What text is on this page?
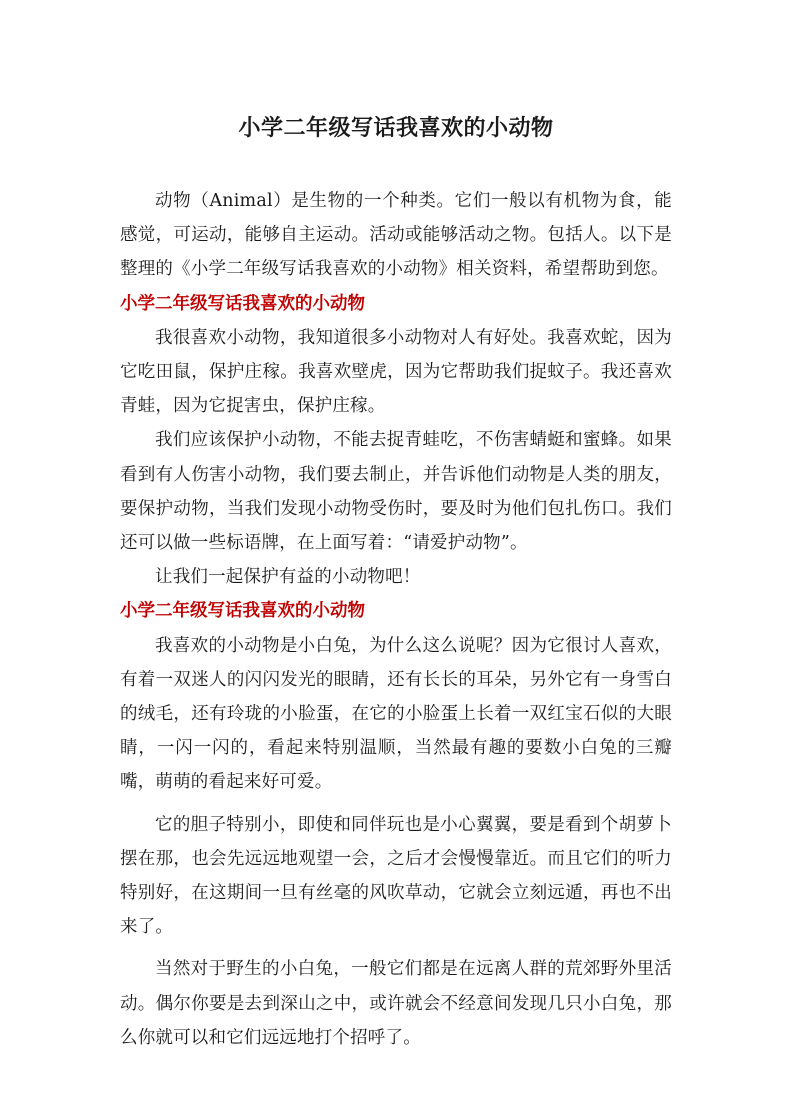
小学二年级写话我喜欢的小动物

动物（Animal）是生物的一个种类。它们一般以有机物为食，能感觉，可运动，能够自主运动。活动或能够活动之物。包括人。以下是整理的《小学二年级写话我喜欢的小动物》相关资料，希望帮助到您。

小学二年级写话我喜欢的小动物

我很喜欢小动物，我知道很多小动物对人有好处。我喜欢蛇，因为它吃田鼠，保护庄稼。我喜欢壁虎，因为它帮助我们捉蚊子。我还喜欢青蛙，因为它捉害虫，保护庄稼。

我们应该保护小动物，不能去捉青蛙吃，不伤害蜻蜓和蜜蜂。如果看到有人伤害小动物，我们要去制止，并告诉他们动物是人类的朋友，要保护动物，当我们发现小动物受伤时，要及时为他们包扎伤口。我们还可以做一些标语牌，在上面写着：“请爱护动物”。

让我们一起保护有益的小动物吧！

小学二年级写话我喜欢的小动物

我喜欢的小动物是小白兔，为什么这么说呢？因为它很讨人喜欢，有着一双迷人的闪闪发光的眼睛，还有长长的耳朵，另外它有一身雪白的绒毛，还有玲珑的小脸蛋，在它的小脸蛋上长着一双红宝石似的大眼睛，一闪一闪的，看起来特别温顺，当然最有趣的要数小白兔的三瓣嘴，萌萌的看起来好可爱。

它的胆子特别小，即使和同伴玩也是小心翼翼，要是看到个胡萝卜摆在那，也会先远远地观望一会，之后才会慢慢靠近。而且它们的听力特别好，在这期间一旦有丝毫的风吹草动，它就会立刻远遁，再也不出来了。

当然对于野生的小白兔，一般它们都是在远离人群的荒郊野外里活动。偶尔你要是去到深山之中，或许就会不经意间发现几只小白兔，那么你就可以和它们远远地打个招呼了。
